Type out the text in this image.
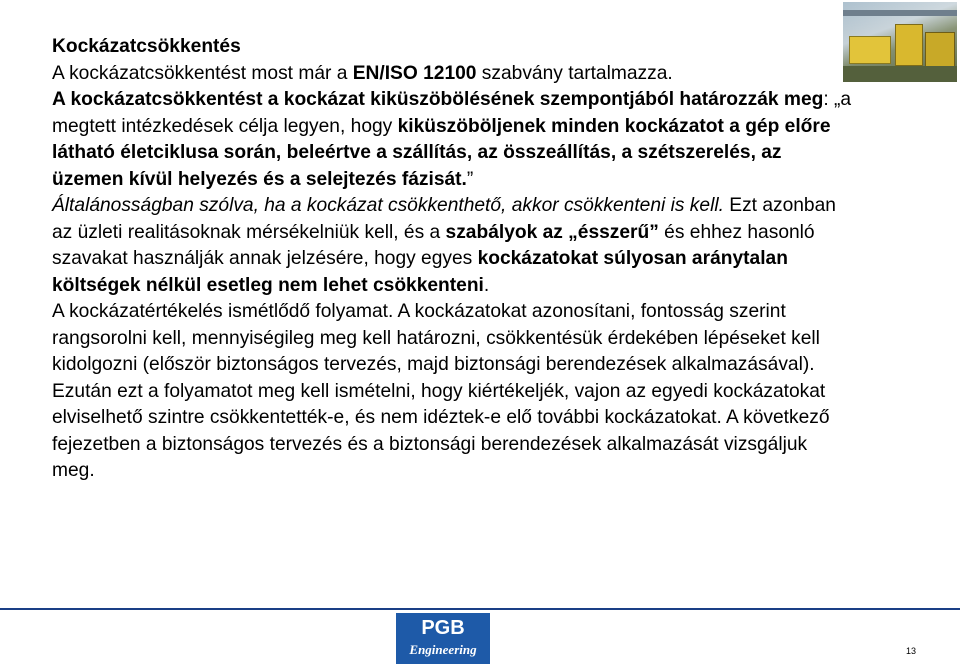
Kockázatcsökkentés

A kockázatcsökkentést most már a EN/ISO 12100 szabvány tartalmazza.

A kockázatcsökkentést a kockázat kiküszöbölésének szempontjából határozzák meg: „a megtett intézkedések célja legyen, hogy kiküszöböljenek minden kockázatot a gép előre látható életciklusa során, beleértve a szállítás, az összeállítás, a szétszerelés, az üzemen kívül helyezés és a selejtezés fázisát.”

Általánosságban szólva, ha a kockázat csökkenthető, akkor csökkenteni is kell. Ezt azonban az üzleti realitásoknak mérsékelniük kell, és a szabályok az „ésszerű” és ehhez hasonló szavakat használják annak jelzésére, hogy egyes kockázatokat súlyosan aránytalan költségek nélkül esetleg nem lehet csökkenteni.

A kockázatértékelés ismétlődő folyamat. A kockázatokat azonosítani, fontosság szerint rangsorolni kell, mennyiségileg meg kell határozni, csökkentésük érdekében lépéseket kell kidolgozni (először biztonságos tervezés, majd biztonsági berendezések alkalmazásával).

Ezután ezt a folyamatot meg kell ismételni, hogy kiértékeljék, vajon az egyedi kockázatokat elviselhető szintre csökkentették-e, és nem idéztek-e elő további kockázatokat. A következő fejezetben a biztonságos tervezés és a biztonsági berendezések alkalmazását vizsgáljuk meg.

PGB
Engineering	13
